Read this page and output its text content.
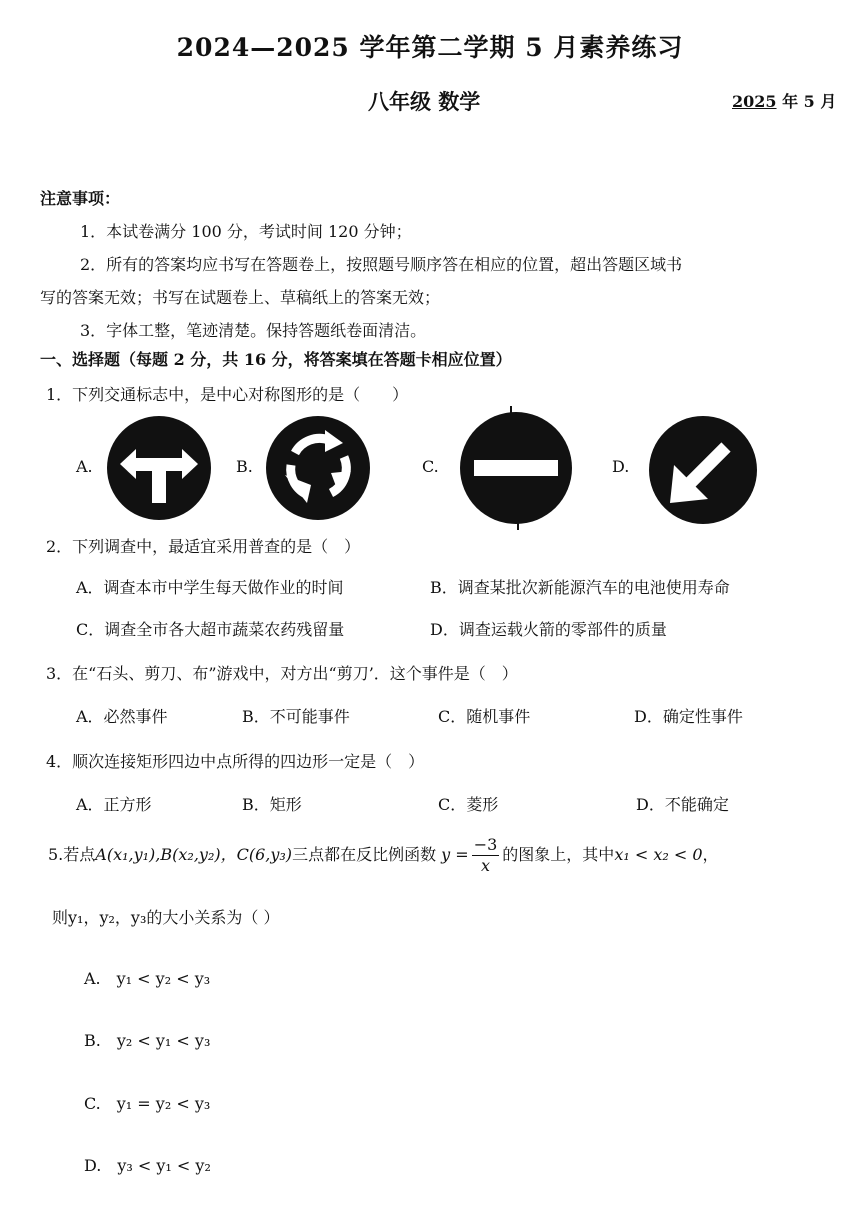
2024—2025 学年第二学期 5 月素养练习
八年级 数学	2025 年 5 月
注意事项：
1．本试卷满分 100 分，考试时间 120 分钟；
2．所有的答案均应书写在答题卷上，按照题号顺序答在相应的位置，超出答题区域书
写的答案无效；书写在试题卷上、草稿纸上的答案无效；
3．字体工整，笔迹清楚。保持答题纸卷面清洁。
一、选择题（每题 2 分，共 16 分，将答案填在答题卡相应位置）
1．下列交通标志中，是中心对称图形的是（　　）
A.	B.	C.	D.
2．下列调查中，最适宜采用普查的是（　）
A．调查本市中学生每天做作业的时间	B．调查某批次新能源汽车的电池使用寿命
C．调查全市各大超市蔬菜农药残留量	D．调查运载火箭的零部件的质量
3．在“石头、剪刀、布”游戏中，对方出“剪刀’．这个事件是（　）
A．必然事件	B．不可能事件	C．随机事件	D．确定性事件
4．顺次连接矩形四边中点所得的四边形一定是（　）
A．正方形	B．矩形	C．菱形	D．不能确定
5.若点A(x₁,y₁),B(x₂,y₂)，C(6,y₃)三点都在反比例函数 $y = \frac{-3}{x}$ 的图象上，其中x₁ < x₂ < 0，
则y₁，y₂，y₃的大小关系为（ ）
A.　y₁ < y₂ < y₃
B.　y₂ < y₁ < y₃
C.　y₁ = y₂ < y₃
D.　y₃ < y₁ < y₂
